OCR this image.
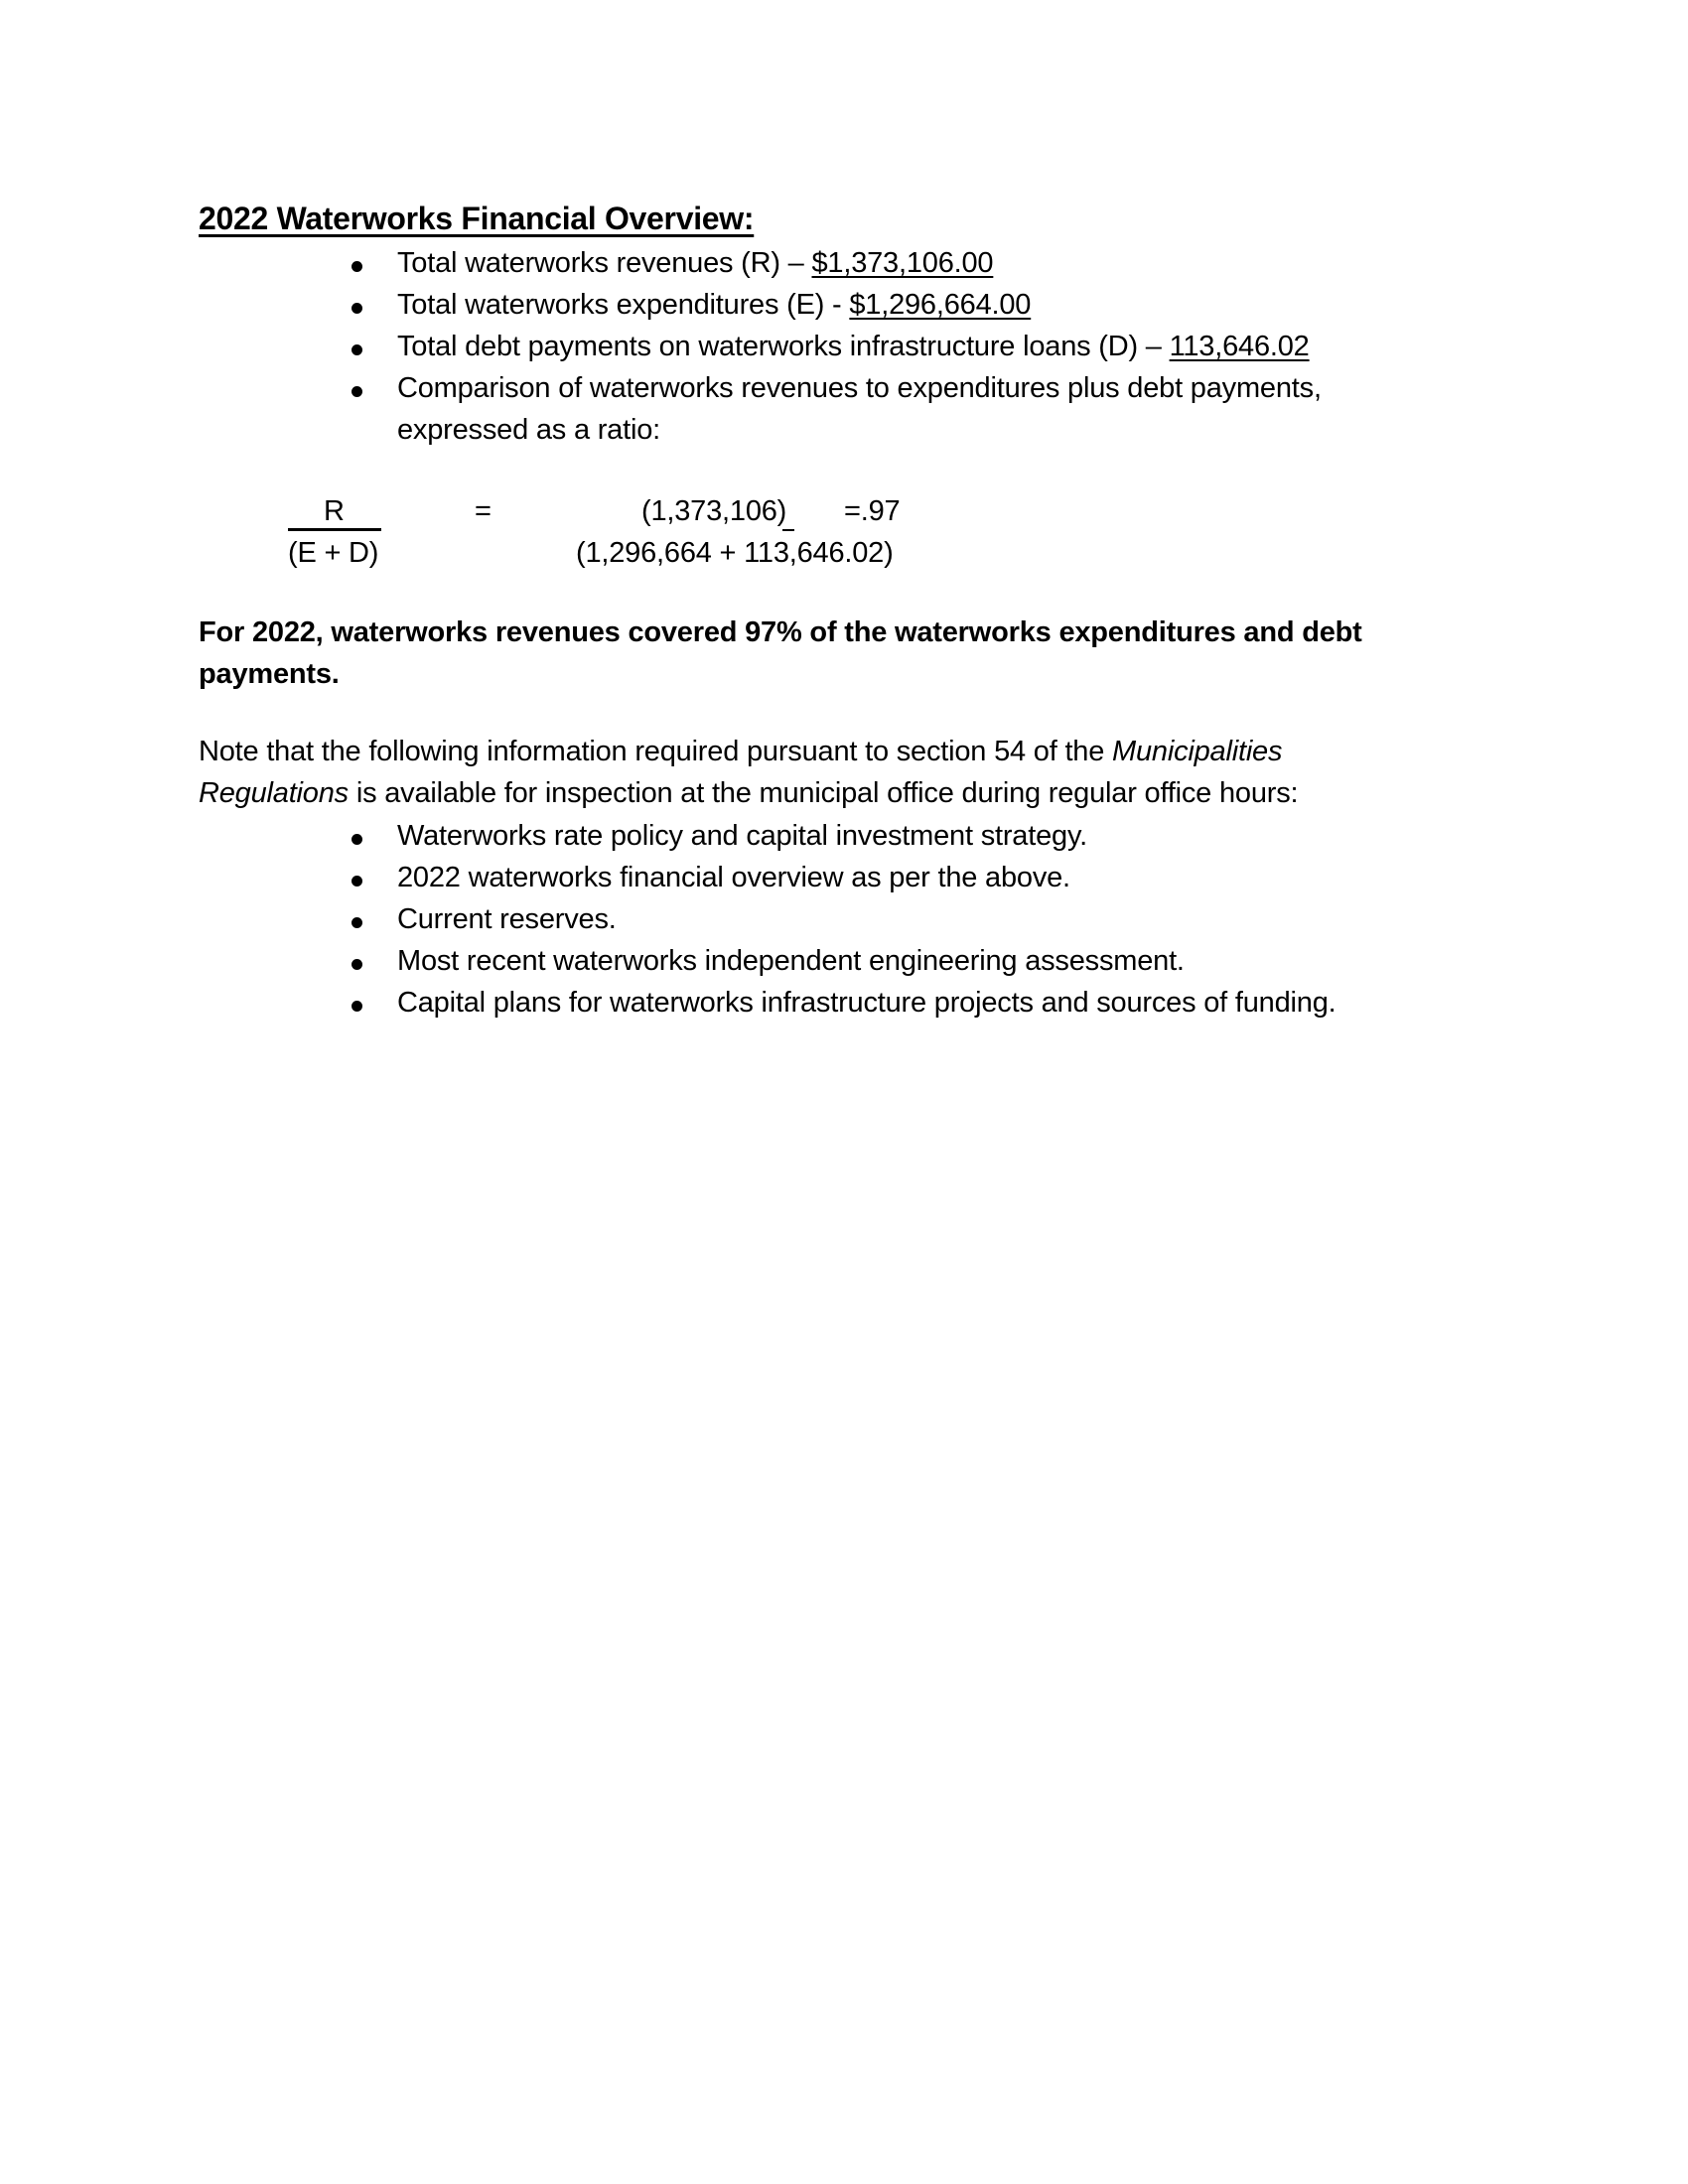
2022 Waterworks Financial Overview:
Total waterworks revenues (R) – $1,373,106.00
Total waterworks expenditures (E) - $1,296,664.00
Total debt payments on waterworks infrastructure loans (D) – 113,646.02
Comparison of waterworks revenues to expenditures plus debt payments,
expressed as a ratio:
R
(E + D)
=	(1,373,106) =.97
(1,296,664 + 113,646.02)
For 2022, waterworks revenues covered 97% of the waterworks expenditures and debt
payments.
Note that the following information required pursuant to section 54 of the Municipalities
Regulations is available for inspection at the municipal office during regular office hours:
Waterworks rate policy and capital investment strategy.
2022 waterworks financial overview as per the above.
Current reserves.
Most recent waterworks independent engineering assessment.
Capital plans for waterworks infrastructure projects and sources of funding.
